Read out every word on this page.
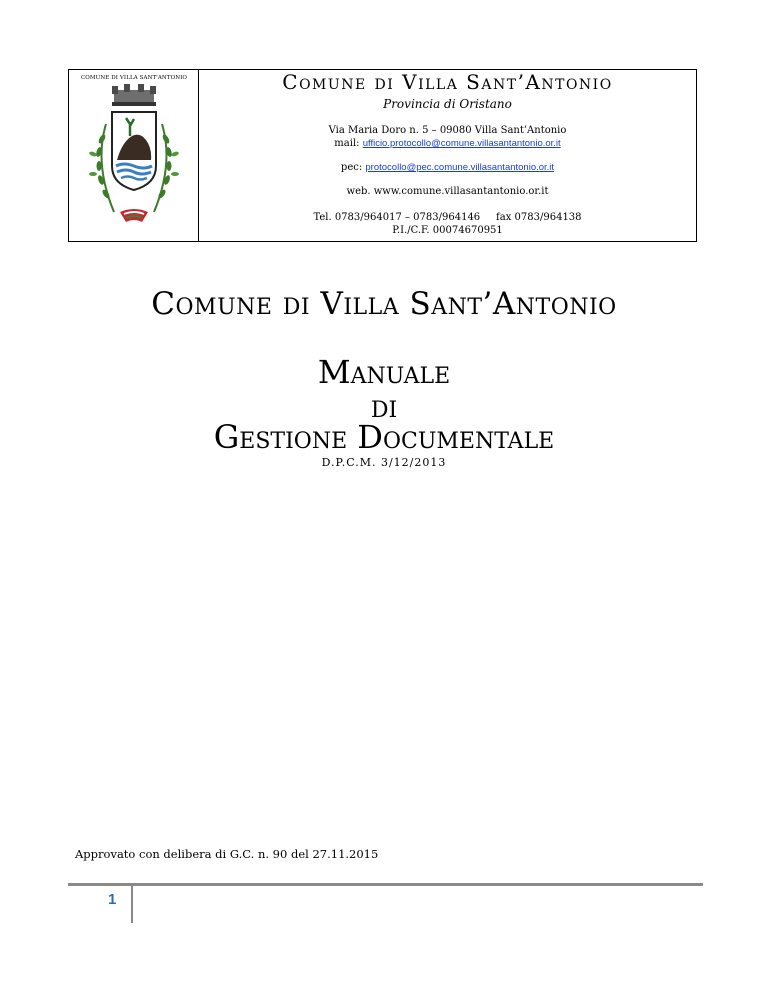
COMUNE DI VILLA SANT'ANTONIO	Comune di Villa Sant’Antonio
Provincia di Oristano
Via Maria Doro n. 5 – 09080 Villa Sant’Antonio
mail: ufficio.protocollo@comune.villasantantonio.or.it
pec: protocollo@pec.comune.villasantantonio.or.it
web. www.comune.villasantantonio.or.it
Tel. 0783/964017 – 0783/964146     fax 0783/964138
P.I./C.F. 00074670951
Comune di Villa Sant’Antonio
Manuale
di
Gestione Documentale
D.P.C.M. 3/12/2013
Approvato con delibera di G.C. n. 90 del 27.11.2015
1
